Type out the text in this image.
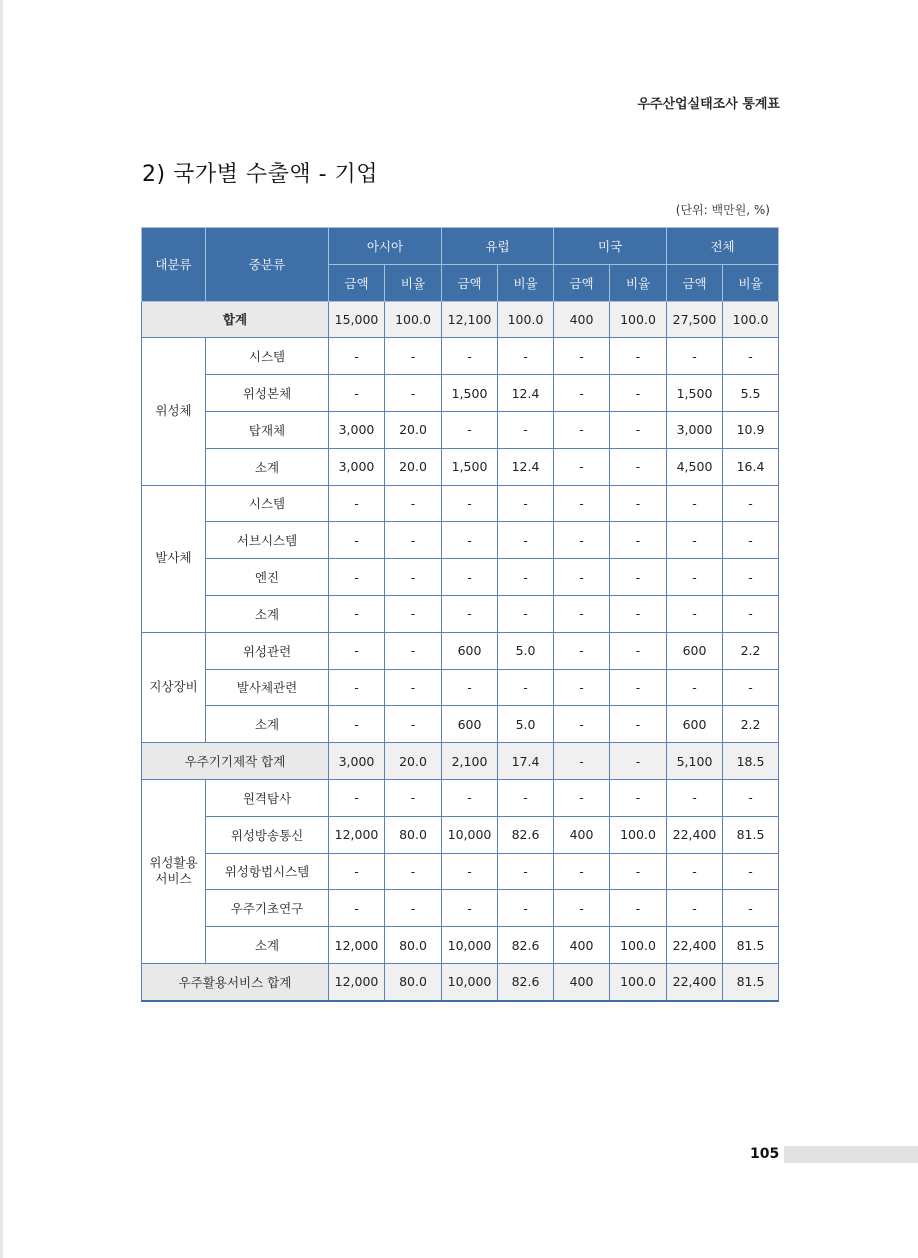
우주산업실태조사 통계표
2) 국가별 수출액 - 기업
(단위: 백만원, %)
대분류	중분류	아시아		유럽		미국		전체	
		금액	비율	금액	비율	금액	비율	금액	비율
합계		15,000	100.0	12,100	100.0	400	100.0	27,500	100.0
위성체	시스템	-	-	-	-	-	-	-	-
	위성본체	-	-	1,500	12.4	-	-	1,500	5.5
	탑재체	3,000	20.0	-	-	-	-	3,000	10.9
	소계	3,000	20.0	1,500	12.4	-	-	4,500	16.4
발사체	시스템	-	-	-	-	-	-	-	-
	서브시스템	-	-	-	-	-	-	-	-
	엔진	-	-	-	-	-	-	-	-
	소계	-	-	-	-	-	-	-	-
지상장비	위성관련	-	-	600	5.0	-	-	600	2.2
	발사체관련	-	-	-	-	-	-	-	-
	소계	-	-	600	5.0	-	-	600	2.2
우주기기제작 합계		3,000	20.0	2,100	17.4	-	-	5,100	18.5
위성활용
서비스	원격탐사	-	-	-	-	-	-	-	-
	위성방송통신	12,000	80.0	10,000	82.6	400	100.0	22,400	81.5
	위성항법시스템	-	-	-	-	-	-	-	-
	우주기초연구	-	-	-	-	-	-	-	-
	소계	12,000	80.0	10,000	82.6	400	100.0	22,400	81.5
우주활용서비스 합계		12,000	80.0	10,000	82.6	400	100.0	22,400	81.5
105
